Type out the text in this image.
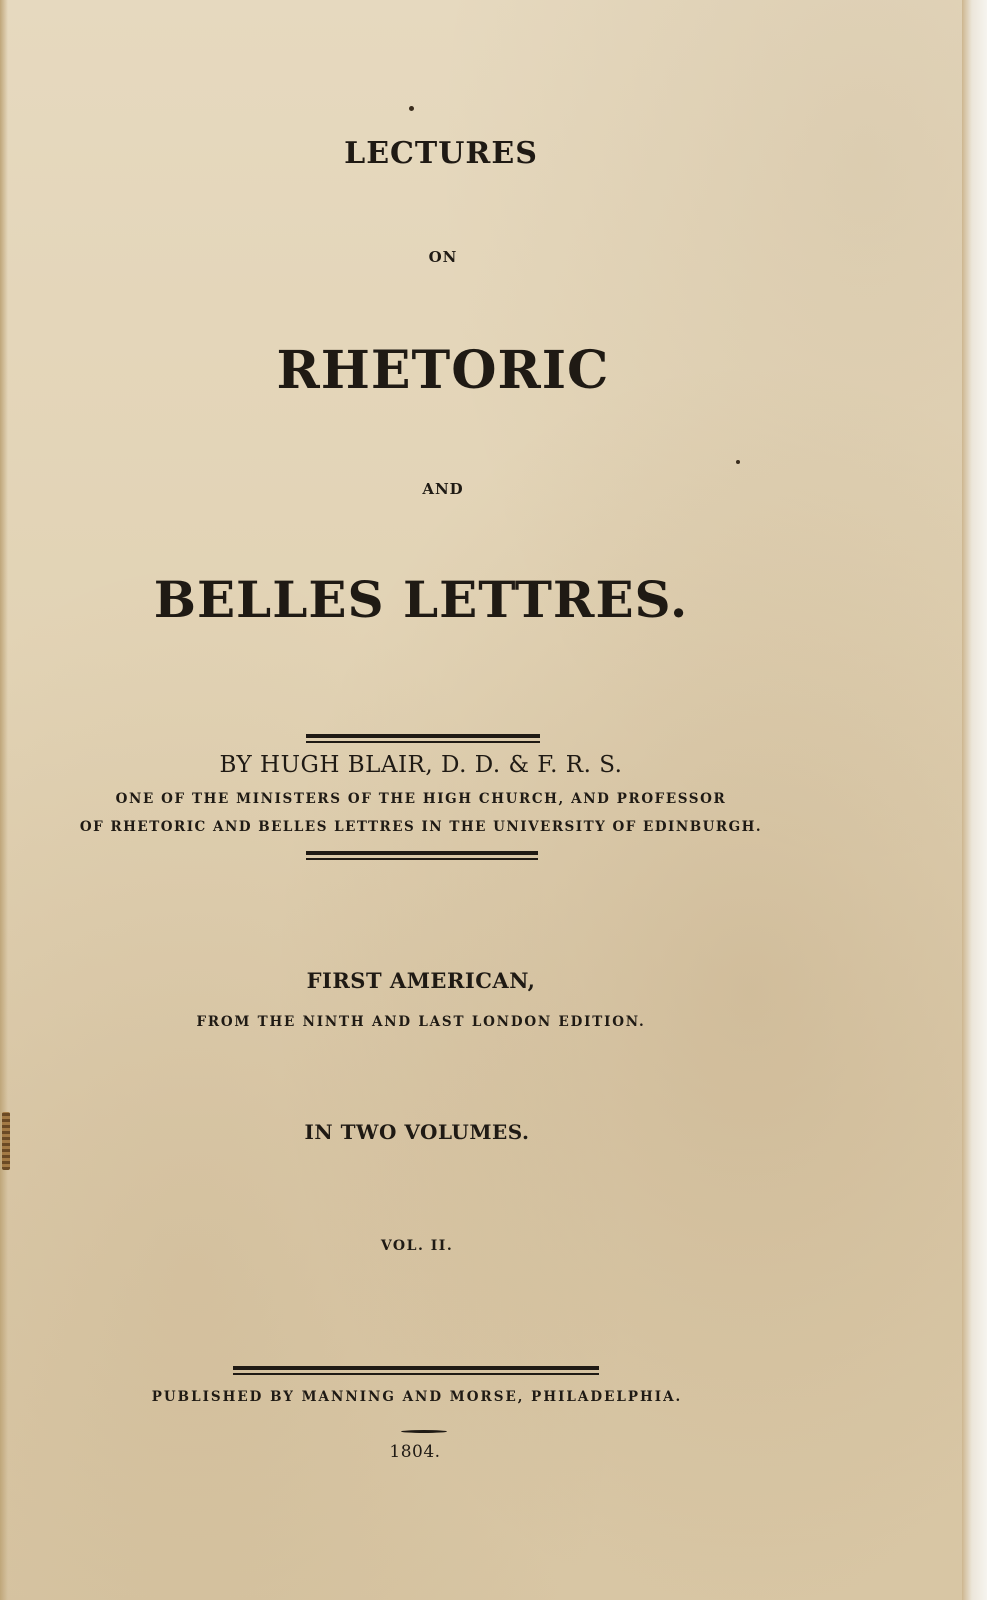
LECTURES

ON

RHETORIC

AND

BELLES LETTRES.

BY HUGH BLAIR, D. D. & F. R. S.

ONE OF THE MINISTERS OF THE HIGH CHURCH, AND PROFESSOR

OF RHETORIC AND BELLES LETTRES IN THE UNIVERSITY OF EDINBURGH.

FIRST AMERICAN,

FROM THE NINTH AND LAST LONDON EDITION.

IN TWO VOLUMES.

VOL. II.

PUBLISHED BY MANNING AND MORSE, PHILADELPHIA.

1804.
